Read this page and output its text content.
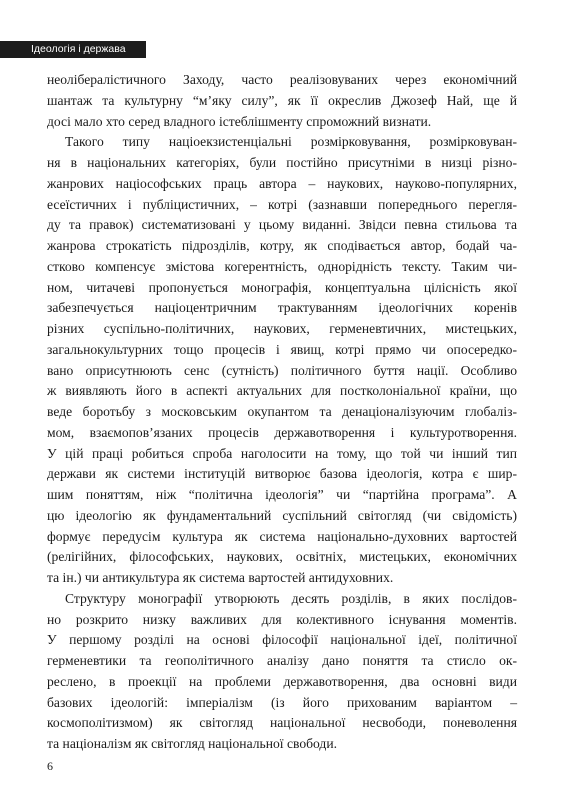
Ідеологія і держава
неолібералістичного Заходу, часто реалізовуваних через економічний
шантаж та культурну “м’яку силу”, як її окреслив Джозеф Най, ще й
досі мало хто серед владного істеблішменту спроможний визнати.
Такого типу націоекзистенціальні розмірковування, розмірковуван-
ня в національних категоріях, були постійно присутніми в низці різно-
жанрових націософських праць автора – наукових, науково-популярних,
есеїстичних і публіцистичних, – котрі (зазнавши попереднього перегля-
ду та правок) систематизовані у цьому виданні. Звідси певна стильова та
жанрова строкатість підрозділів, котру, як сподівається автор, бодай ча-
стково компенсує змістова когерентність, однорідність тексту. Таким чи-
ном, читачеві пропонується монографія, концептуальна цілісність якої
забезпечується націоцентричним трактуванням ідеологічних коренів
різних суспільно-політичних, наукових, герменевтичних, мистецьких,
загальнокультурних тощо процесів і явищ, котрі прямо чи опосередко-
вано оприсутнюють сенс (сутність) політичного буття нації. Особливо
ж виявляють його в аспекті актуальних для постколоніальної країни, що
веде боротьбу з московським окупантом та денаціоналізуючим глобаліз-
мом, взаємопов’язаних процесів державотворення і культуротворення.
У цій праці робиться спроба наголосити на тому, що той чи інший тип
держави як системи інституцій витворює базова ідеологія, котра є шир-
шим поняттям, ніж “політична ідеологія” чи “партійна програма”. А
цю ідеологію як фундаментальний суспільний світогляд (чи свідомість)
формує передусім культура як система національно-духовних вартостей
(релігійних, філософських, наукових, освітніх, мистецьких, економічних
та ін.) чи антикультура як система вартостей антидуховних.
Структуру монографії утворюють десять розділів, в яких послідов-
но розкрито низку важливих для колективного існування моментів.
У першому розділі на основі філософії національної ідеї, політичної
герменевтики та геополітичного аналізу дано поняття та стисло ок-
реслено, в проекції на проблеми державотворення, два основні види
базових ідеологій: імперіалізм (із його прихованим варіантом –
космополітизмом) як світогляд національної несвободи, поневолення
та націоналізм як світогляд національної свободи.
6
